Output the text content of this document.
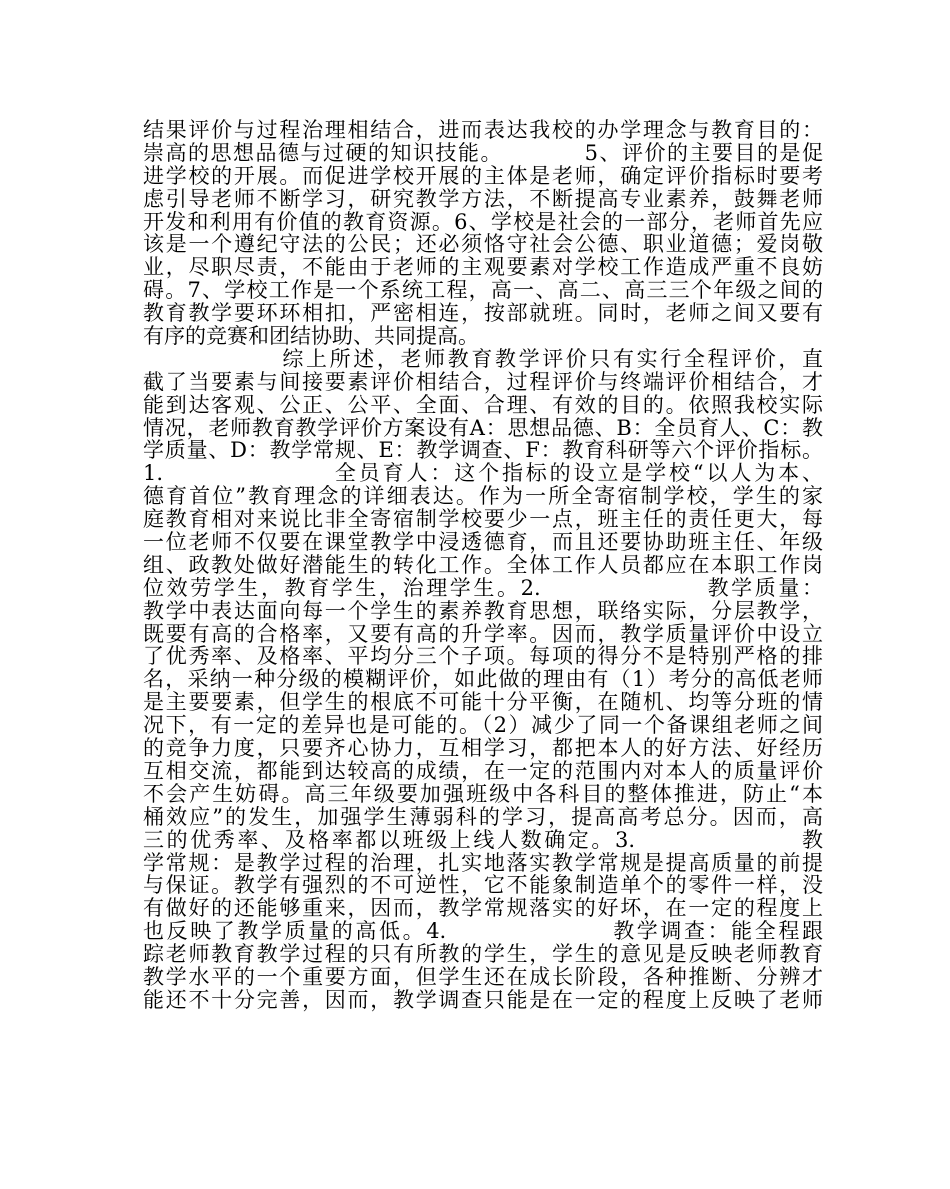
结果评价与过程治理相结合，进而表达我校的办学理念与教育目的：
崇高的思想品德与过硬的知识技能。          5、评价的主要目的是促
进学校的开展。而促进学校开展的主体是老师，确定评价指标时要考
虑引导老师不断学习，研究教学方法，不断提高专业素养，鼓舞老师
开发和利用有价值的教育资源。6、学校是社会的一部分，老师首先应
该是一个遵纪守法的公民；还必须恪守社会公德、职业道德；爱岗敬
业，尽职尽责，不能由于老师的主观要素对学校工作造成严重不良妨
碍。7、学校工作是一个系统工程，高一、高二、高三三个年级之间的
教育教学要环环相扣，严密相连，按部就班。同时，老师之间又要有
有序的竞赛和团结协助、共同提高。
综上所述，老师教育教学评价只有实行全程评价，直
截了当要素与间接要素评价相结合，过程评价与终端评价相结合，才
能到达客观、公正、公平、全面、合理、有效的目的。依照我校实际
情况，老师教育教学评价方案设有A：思想品德、B：全员育人、C：教
学质量、D：教学常规、E：教学调查、F：教育科研等六个评价指标。
1.                  全员育人：这个指标的设立是学校“以人为本、
德育首位”教育理念的详细表达。作为一所全寄宿制学校，学生的家
庭教育相对来说比非全寄宿制学校要少一点，班主任的责任更大，每
一位老师不仅要在课堂教学中浸透德育，而且还要协助班主任、年级
组、政教处做好潜能生的转化工作。全体工作人员都应在本职工作岗
位效劳学生，教育学生，治理学生。2.                  教学质量：
教学中表达面向每一个学生的素养教育思想，联络实际，分层教学，
既要有高的合格率，又要有高的升学率。因而，教学质量评价中设立
了优秀率、及格率、平均分三个子项。每项的得分不是特别严格的排
名，采纳一种分级的模糊评价，如此做的理由有（1）考分的高低老师
是主要要素，但学生的根底不可能十分平衡，在随机、均等分班的情
况下，有一定的差异也是可能的。（2）减少了同一个备课组老师之间
的竞争力度，只要齐心协力，互相学习，都把本人的好方法、好经历
互相交流，都能到达较高的成绩，在一定的范围内对本人的质量评价
不会产生妨碍。高三年级要加强班级中各科目的整体推进，防止“本
桶效应”的发生，加强学生薄弱科的学习，提高高考总分。因而，高
三的优秀率、及格率都以班级上线人数确定。3.                  教
学常规：是教学过程的治理，扎实地落实教学常规是提高质量的前提
与保证。教学有强烈的不可逆性，它不能象制造单个的零件一样，没
有做好的还能够重来，因而，教学常规落实的好坏，在一定的程度上
也反映了教学质量的高低。4.                  教学调查：能全程跟
踪老师教育教学过程的只有所教的学生，学生的意见是反映老师教育
教学水平的一个重要方面，但学生还在成长阶段，各种推断、分辨才
能还不十分完善，因而，教学调查只能是在一定的程度上反映了老师
